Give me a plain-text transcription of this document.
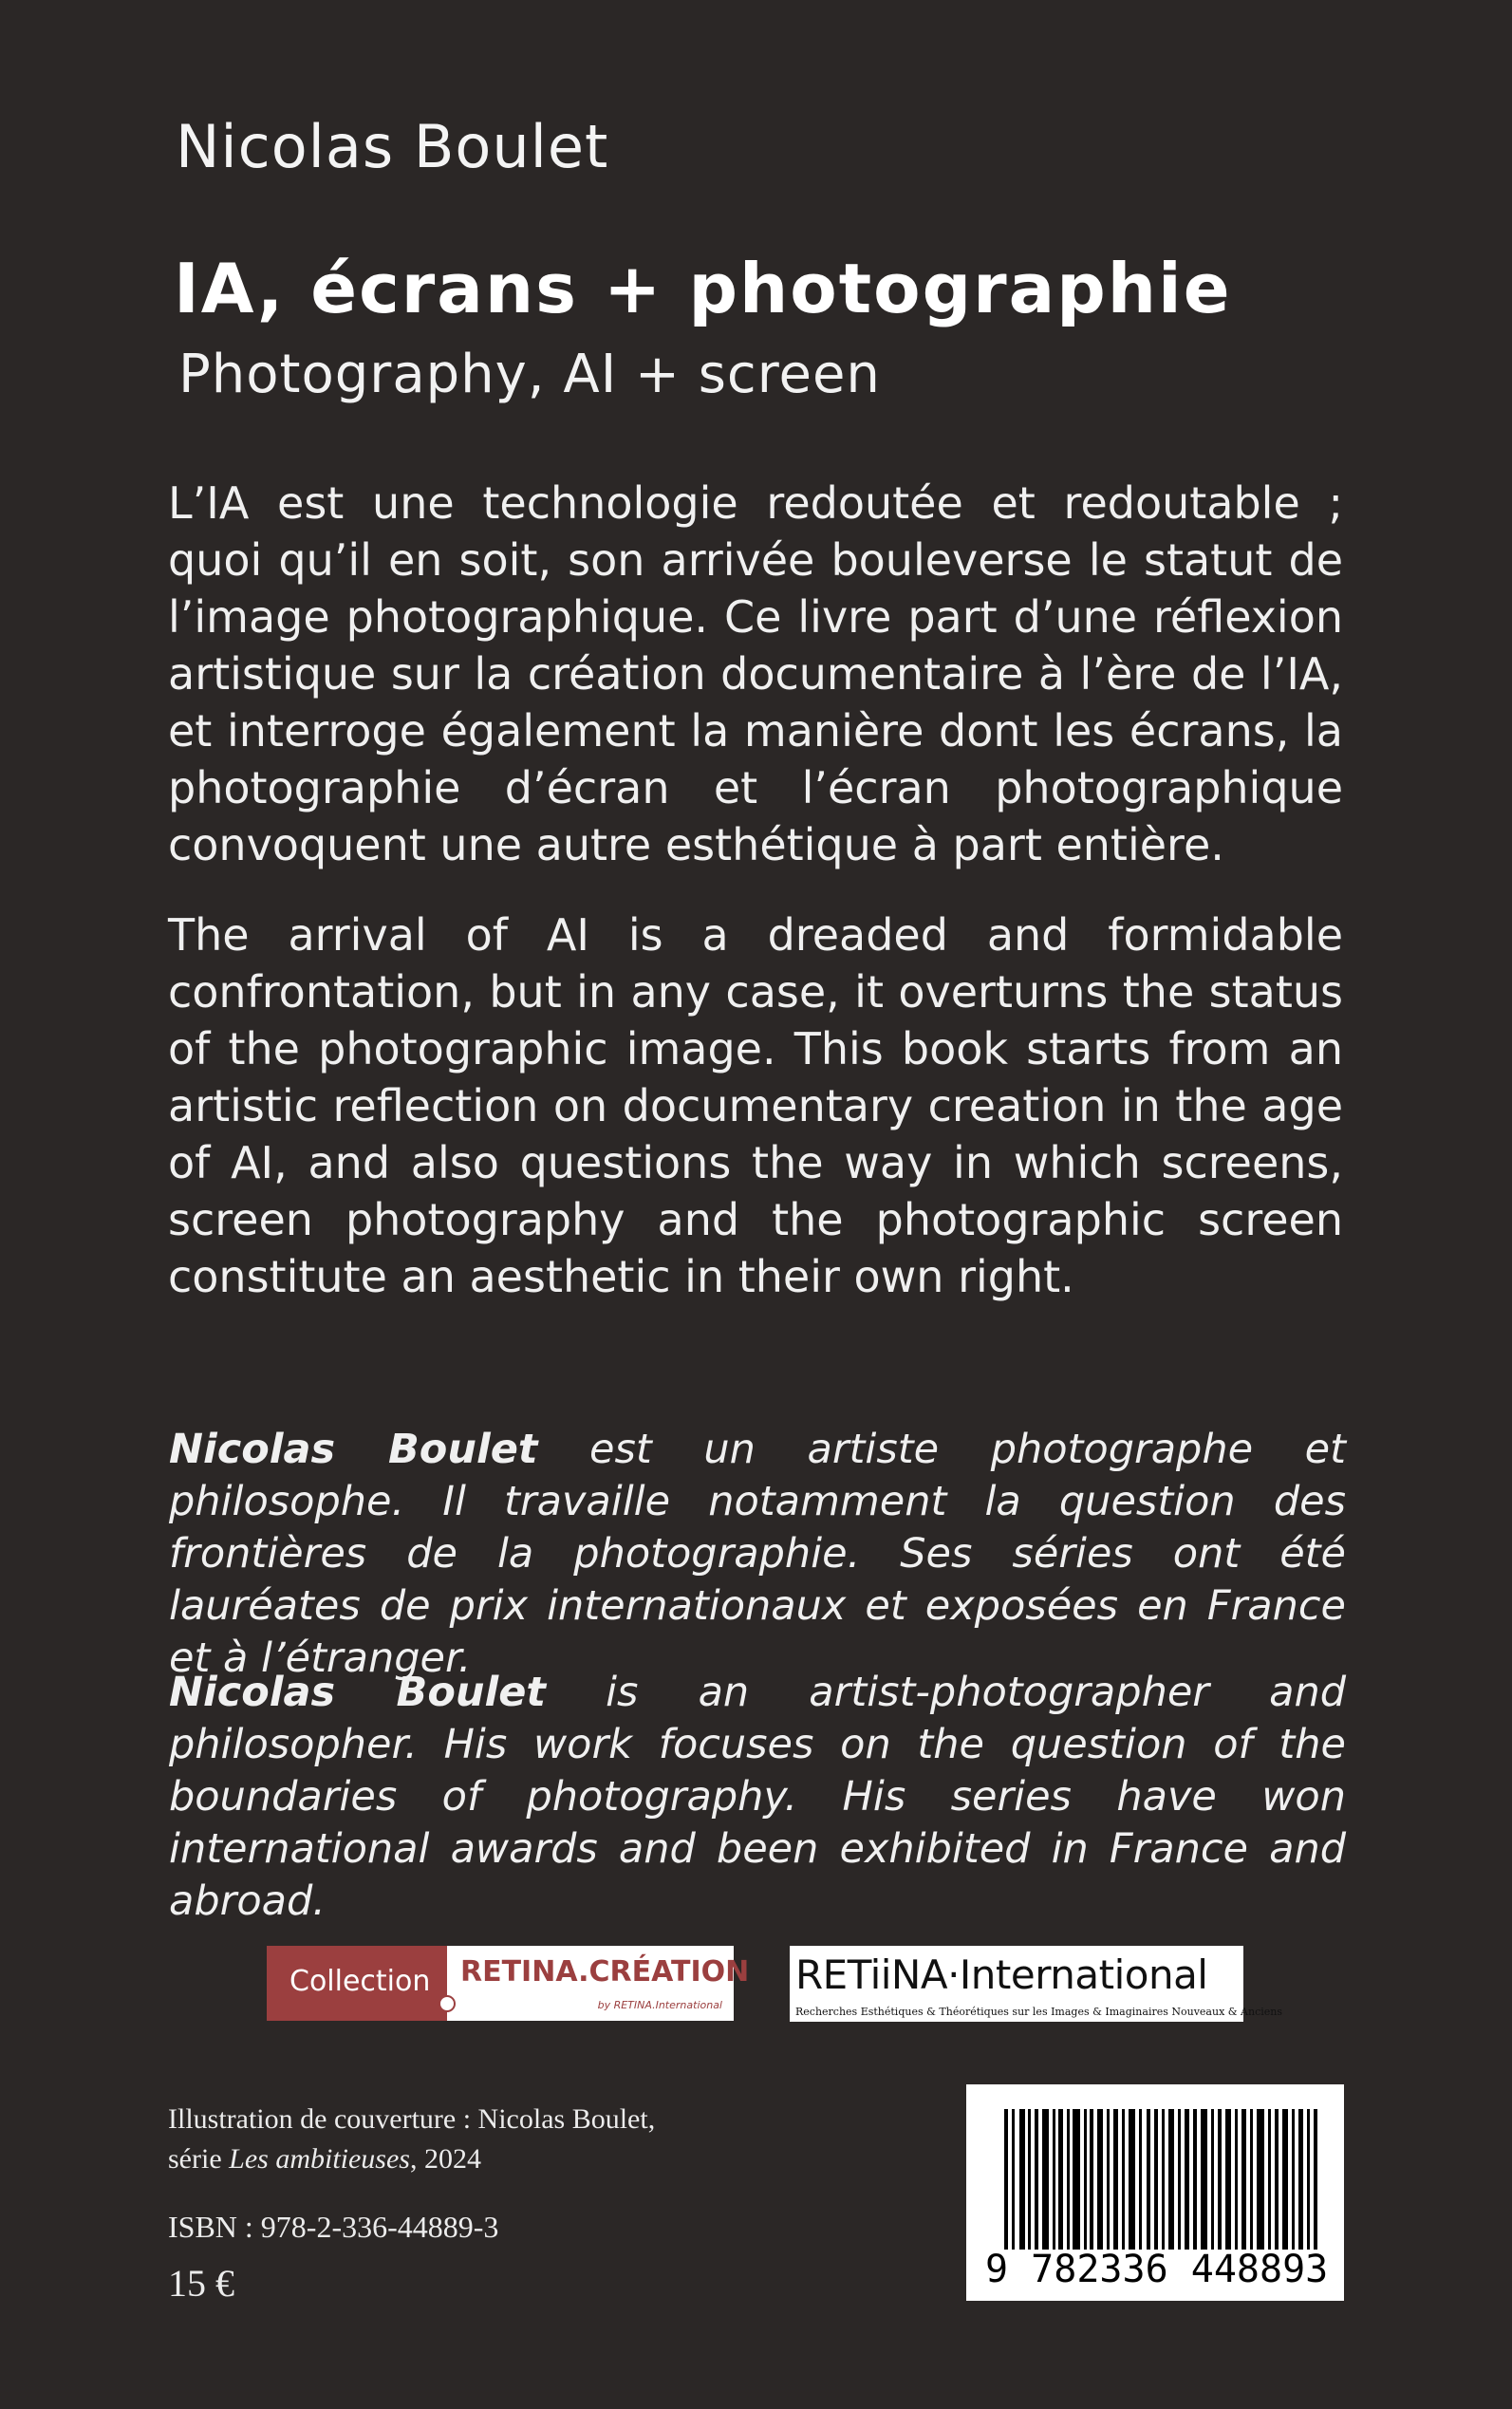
Nicolas Boulet
IA, écrans + photographie
Photography, AI + screen
L’IA est une technologie redoutée et redoutable ; quoi qu’il en soit, son arrivée bouleverse le statut de l’image photographique. Ce livre part d’une réflexion artistique sur la création documentaire à l’ère de l’IA, et interroge également la manière dont les écrans, la photographie d’écran et l’écran photographique convoquent une autre esthétique à part entière.
The arrival of AI is a dreaded and formidable confrontation, but in any case, it overturns the status of the photographic image. This book starts from an artistic reflection on documentary creation in the age of AI, and also questions the way in which screens, screen photography and the photographic screen constitute an aesthetic in their own right.
Nicolas Boulet est un artiste photographe et philosophe. Il travaille notamment la question des frontières de la photographie. Ses séries ont été lauréates de prix internationaux et exposées en France et à l’étranger.
Nicolas Boulet is an artist-photographer and philosopher. His work focuses on the question of the boundaries of photography. His series have won international awards and been exhibited in France and abroad.
Collection RETINA.CRÉATION
by RETINA.International
RETiiNA·International
Recherches Esthétiques & Théorétiques sur les Images & Imaginaires Nouveaux & Anciens
Illustration de couverture : Nicolas Boulet,
série Les ambitieuses, 2024
ISBN : 978-2-336-44889-3
15 €	9 782336 448893
